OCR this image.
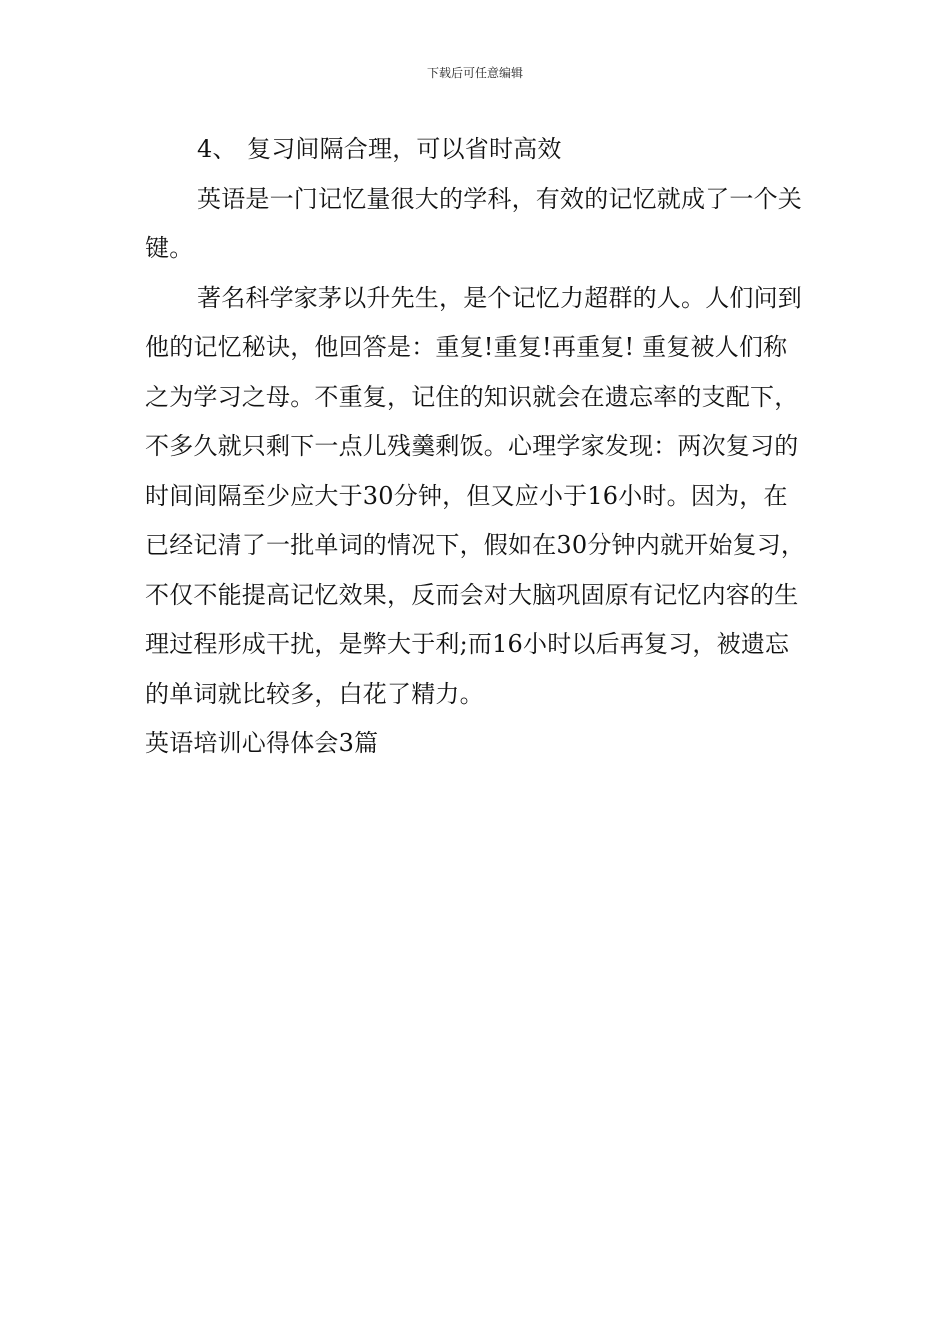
下载后可任意编辑

4、 复习间隔合理，可以省时高效

英语是一门记忆量很大的学科，有效的记忆就成了一个关键。

著名科学家茅以升先生，是个记忆力超群的人。人们问到他的记忆秘诀，他回答是：重复!重复!再重复! 重复被人们称之为学习之母。不重复，记住的知识就会在遗忘率的支配下，不多久就只剩下一点儿残羹剩饭。心理学家发现：两次复习的时间间隔至少应大于30分钟，但又应小于16小时。因为，在已经记清了一批单词的情况下，假如在30分钟内就开始复习，不仅不能提高记忆效果，反而会对大脑巩固原有记忆内容的生理过程形成干扰，是弊大于利;而16小时以后再复习，被遗忘的单词就比较多，白花了精力。

英语培训心得体会3篇
